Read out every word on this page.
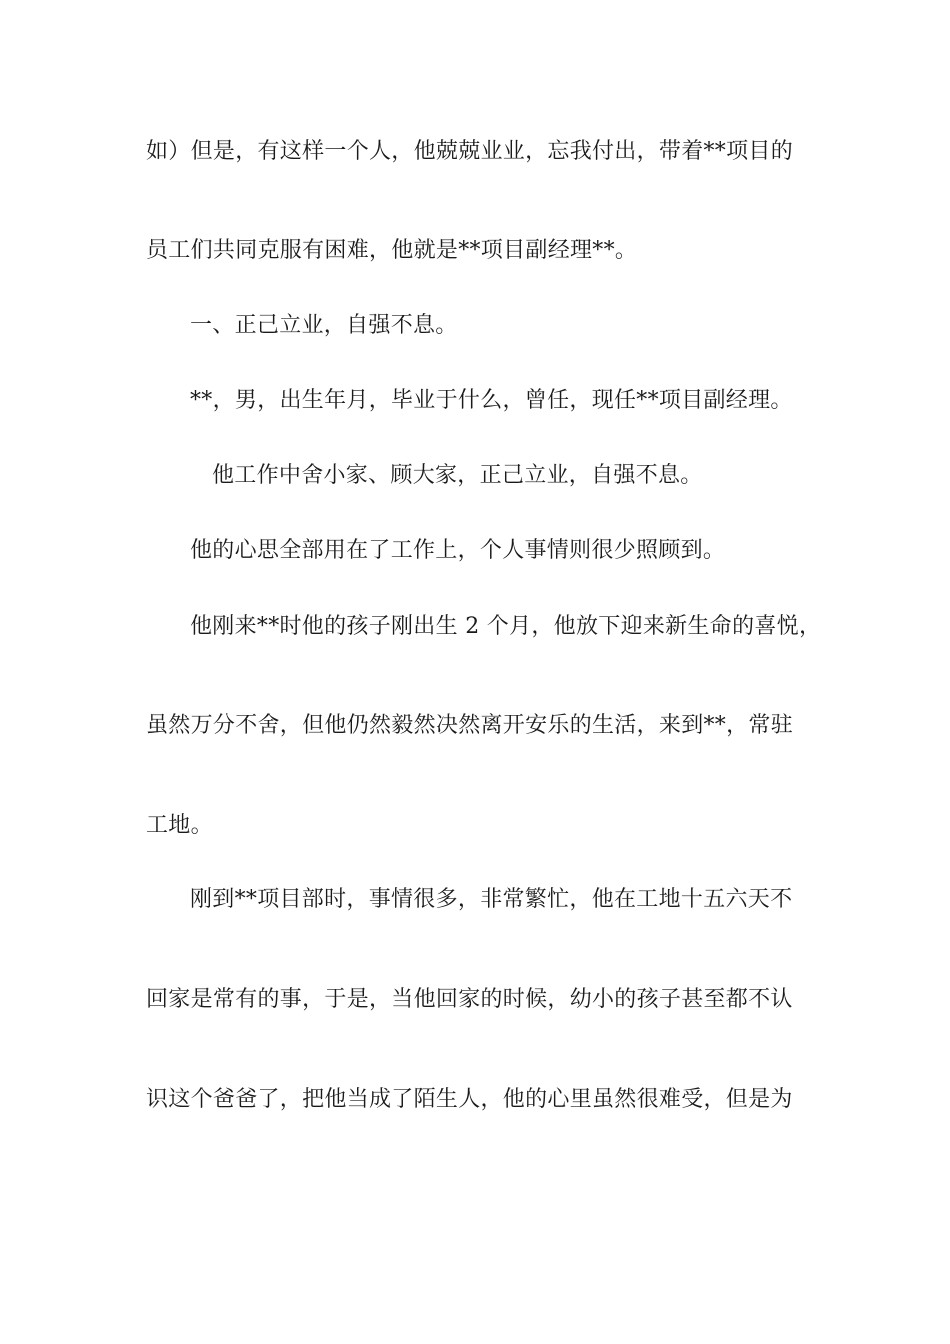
如）但是，有这样一个人，他兢兢业业，忘我付出，带着**项目的
员工们共同克服有困难，他就是**项目副经理**。
一、正己立业，自强不息。
**，男，出生年月，毕业于什么，曾任，现任**项目副经理。
他工作中舍小家、顾大家，正己立业，自强不息。
他的心思全部用在了工作上，个人事情则很少照顾到。
他刚来**时他的孩子刚出生 2 个月，他放下迎来新生命的喜悦，
虽然万分不舍，但他仍然毅然决然离开安乐的生活，来到**，常驻
工地。
刚到**项目部时，事情很多，非常繁忙，他在工地十五六天不
回家是常有的事，于是，当他回家的时候，幼小的孩子甚至都不认
识这个爸爸了，把他当成了陌生人，他的心里虽然很难受，但是为
